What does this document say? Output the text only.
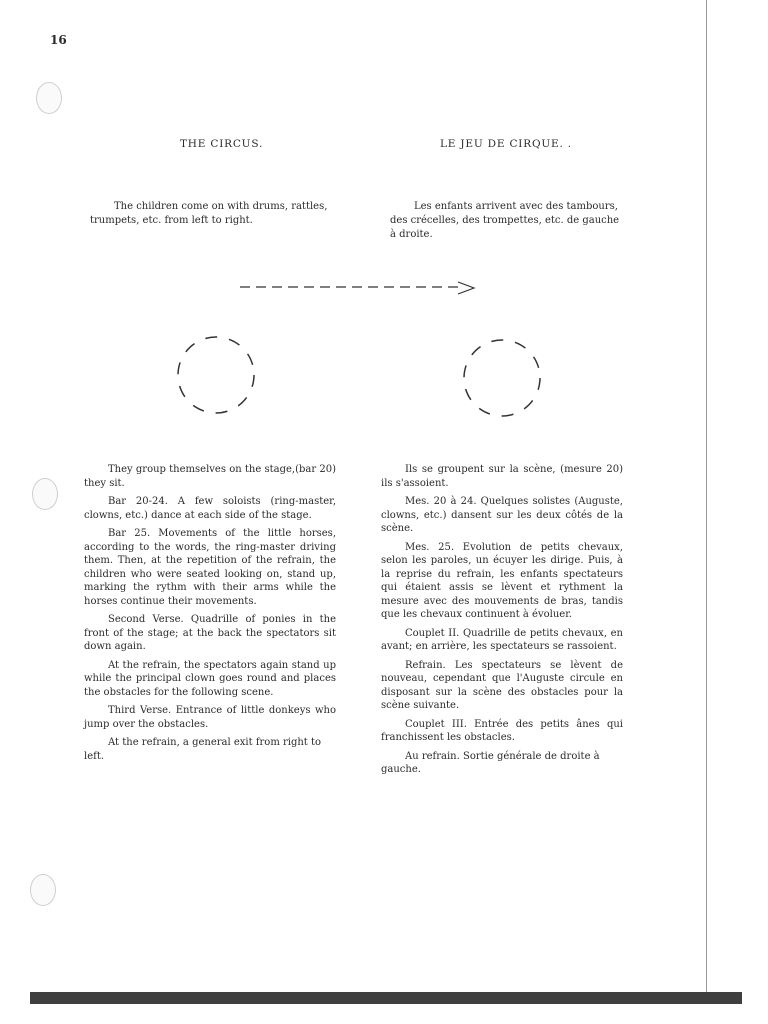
16
THE CIRCUS.	LE JEU DE CIRQUE. .

The children come on with drums, rattles, trumpets, etc. from left to right.

Les enfants arrivent avec des tambours, des crécelles, des trompettes, etc. de gauche à droite.

They group themselves on the stage,(bar 20) they sit.

Bar 20-24. A few soloists (ring-master, clowns, etc.) dance at each side of the stage.

Bar 25. Movements of the little horses, according to the words, the ring-master driving them. Then, at the repetition of the refrain, the children who were seated looking on, stand up, marking the rythm with their arms while the horses continue their movements.

Second Verse. Quadrille of ponies in the front of the stage; at the back the spectators sit down again.

At the refrain, the spectators again stand up while the principal clown goes round and places the obstacles for the following scene.

Third Verse. Entrance of little donkeys who jump over the obstacles.

At the refrain, a general exit from right to left.

Ils se groupent sur la scène, (mesure 20) ils s'assoient.

Mes. 20 à 24. Quelques solistes (Auguste, clowns, etc.) dansent sur les deux côtés de la scène.

Mes. 25. Evolution de petits chevaux, selon les paroles, un écuyer les dirige. Puis, à la reprise du refrain, les enfants spectateurs qui étaient assis se lèvent et rythment la mesure avec des mouvements de bras, tandis que les chevaux continuent à évoluer.

Couplet II. Quadrille de petits chevaux, en avant; en arrière, les spectateurs se rassoient.

Refrain. Les spectateurs se lèvent de nouveau, cependant que l'Auguste circule en disposant sur la scène des obstacles pour la scène suivante.

Couplet III. Entrée des petits ânes qui franchissent les obstacles.

Au refrain. Sortie générale de droite à gauche.
